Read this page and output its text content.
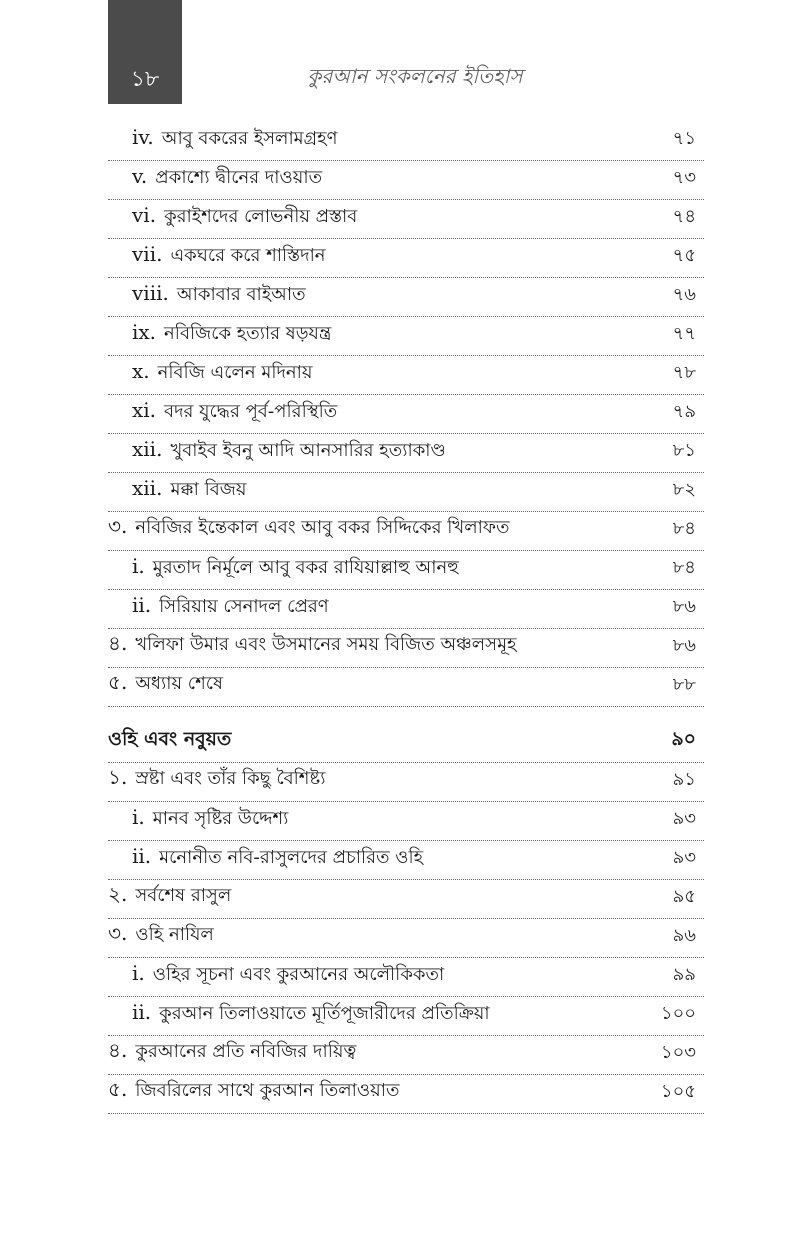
১৮	কুরআন সংকলনের ইতিহাস
iv. আবু বকরের ইসলামগ্রহণ	৭১
v. প্রকাশ্যে দ্বীনের দাওয়াত	৭৩
vi. কুরাইশদের লোভনীয় প্রস্তাব	৭৪
vii. একঘরে করে শাস্তিদান	৭৫
viii. আকাবার বাইআত	৭৬
ix. নবিজিকে হত্যার ষড়যন্ত্র	৭৭
x. নবিজি এলেন মদিনায়	৭৮
xi. বদর যুদ্ধের পূর্ব-পরিস্থিতি	৭৯
xii. খুবাইব ইবনু আদি আনসারির হত্যাকাণ্ড	৮১
xii. মক্কা বিজয়	৮২
৩. নবিজির ইন্তেকাল এবং আবু বকর সিদ্দিকের খিলাফত	৮৪
i. মুরতাদ নির্মূলে আবু বকর রাযিয়াল্লাহু আনহু	৮৪
ii. সিরিয়ায় সেনাদল প্রেরণ	৮৬
৪. খলিফা উমার এবং উসমানের সময় বিজিত অঞ্চলসমূহ	৮৬
৫. অধ্যায় শেষে	৮৮
ওহি এবং নবুয়ত	৯০
১. স্রষ্টা এবং তাঁর কিছু বৈশিষ্ট্য	৯১
i. মানব সৃষ্টির উদ্দেশ্য	৯৩
ii. মনোনীত নবি-রাসুলদের প্রচারিত ওহি	৯৩
২. সর্বশেষ রাসুল	৯৫
৩. ওহি নাযিল	৯৬
i. ওহির সূচনা এবং কুরআনের অলৌকিকতা	৯৯
ii. কুরআন তিলাওয়াতে মূর্তিপূজারীদের প্রতিক্রিয়া	১০০
৪. কুরআনের প্রতি নবিজির দায়িত্ব	১০৩
৫. জিবরিলের সাথে কুরআন তিলাওয়াত	১০৫
